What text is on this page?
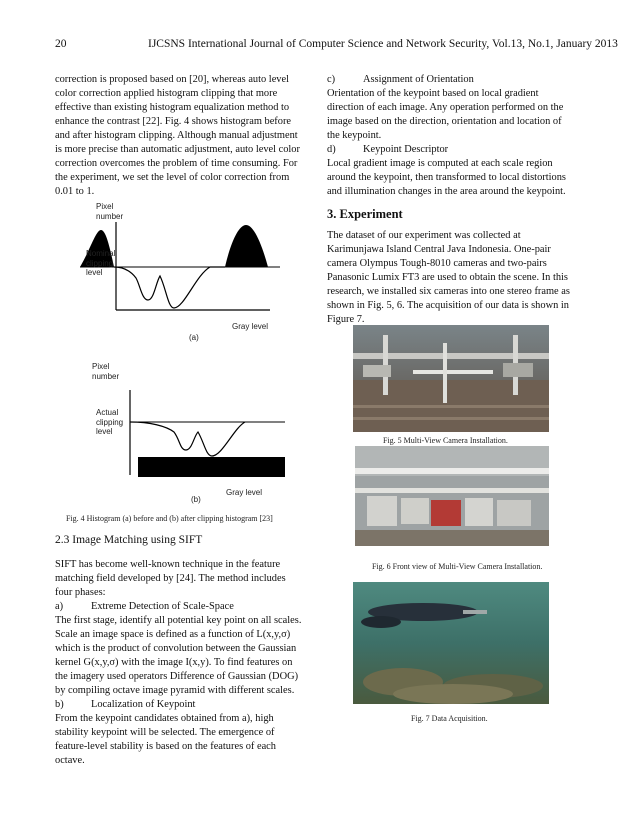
20	IJCSNS International Journal of Computer Science and Network Security, Vol.13, No.1, January 2013

correction is proposed based on [20], whereas auto level

color correction applied histogram clipping that more

effective than existing histogram equalization method to

enhance the contrast [22]. Fig. 4 shows histogram before

and after histogram clipping. Although manual adjustment

is more precise than automatic adjustment, auto level color

correction overcomes the problem of time consuming. For

the experiment, we set the level of color correction from

0.01 to 1.

Pixel
number
Nominal
clipping
level
Gray level
(a)
Pixel
number
Actual
clipping
level
Gray level
(b)
Fig. 4 Histogram (a) before and (b) after clipping histogram [23]
2.3 Image Matching using SIFT

SIFT has become well-known technique in the feature

matching field developed by [24]. The method includes

four phases:

a)	Extreme Detection of Scale-Space

The first stage, identify all potential key point on all scales.

Scale an image space is defined as a function of L(x,y,σ)

which is the product of convolution between the Gaussian

kernel G(x,y,σ) with the image I(x,y). To find features on

the imagery used operators Difference of Gaussian (DOG)

by compiling octave image pyramid with different scales.

b)	Localization of Keypoint

From the keypoint candidates obtained from a), high

stability keypoint will be selected. The emergence of

feature-level stability is based on the features of each

octave.

c)	Assignment of Orientation

Orientation of the keypoint based on local gradient

direction of each image. Any operation performed on the

image based on the direction, orientation and location of

the keypoint.

d)	Keypoint Descriptor

Local gradient image is computed at each scale region

around the keypoint, then transformed to local distortions

and illumination changes in the area around the keypoint.

3. Experiment

The dataset of our experiment was collected at

Karimunjawa Island Central Java Indonesia. One-pair

camera Olympus Tough-8010 cameras and two-pairs

Panasonic Lumix FT3 are used to obtain the scene. In this

research, we installed six cameras into one stereo frame as

shown in Fig. 5, 6. The acquisition of our data is shown in

Figure 7.

Fig. 5 Multi-View Camera Installation.
Fig. 6 Front view of Multi-View Camera Installation.
Fig. 7 Data Acquisition.
